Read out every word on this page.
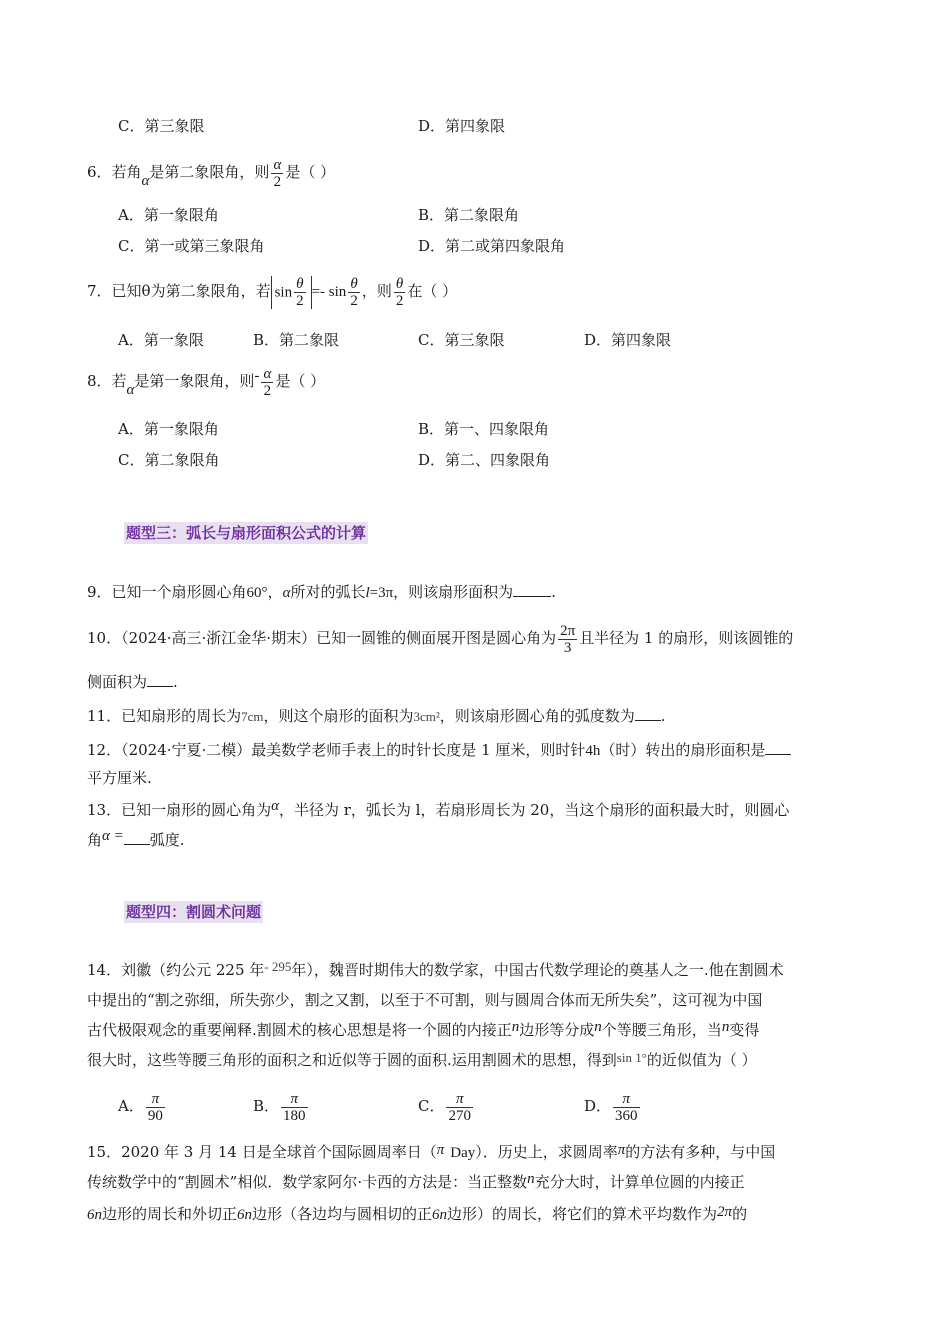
C．第三象限	D．第四象限
6．若角α是第二象限角，则 $\frac{\alpha}{2}$ 是（ ）
A．第一象限角	B．第二象限角
C．第一或第三象限角	D．第二或第四象限角
7．已知θ为第二象限角，若 $\sin \frac{\theta}{2} =- \sin \frac{\theta}{2}$ ，则 $\frac{\theta}{2}$ 在（ ）
A．第一象限	B．第二象限	C．第三象限	D．第四象限
8．若α是第一象限角，则- $\frac{\alpha}{2}$ 是（ ）
A．第一象限角	B．第一、四象限角
C．第二象限角	D．第二、四象限角
题型三：弧长与扇形面积公式的计算
9．已知一个扇形圆心角60°，α所对的弧长l=3π，则该扇形面积为	.
10．（2024·高三·浙江金华·期末）已知一圆锥的侧面展开图是圆心角为 $\frac{2\pi}{3}$ 且半径为 1 的扇形，则该圆锥的
侧面积为 .
11．已知扇形的周长为7cm，则这个扇形的面积为3cm²，则该扇形圆心角的弧度数为 .
12．（2024·宁夏·二模）最美数学老师手表上的时针长度是 1 厘米，则时针4h（时）转出的扇形面积是
平方厘米.
13．已知一扇形的圆心角为α，半径为 r，弧长为 l，若扇形周长为 20，当这个扇形的面积最大时，则圆心
角α = 弧度.
题型四：割圆术问题
14．刘徽（约公元 225 年- 295年），魏晋时期伟大的数学家，中国古代数学理论的奠基人之一.他在割圆术
中提出的“割之弥细，所失弥少，割之又割，以至于不可割，则与圆周合体而无所失矣”，这可视为中国
古代极限观念的重要阐释.割圆术的核心思想是将一个圆的内接正n边形等分成n个等腰三角形，当n变得
很大时，这些等腰三角形的面积之和近似等于圆的面积.运用割圆术的思想，得到sin 1°的近似值为（ ）
A． $\frac{\pi}{90}$	B． $\frac{\pi}{180}$	C． $\frac{\pi}{270}$	D． $\frac{\pi}{360}$
15．2020 年 3 月 14 日是全球首个国际圆周率日（π Day）．历史上，求圆周率π的方法有多种，与中国
传统数学中的“割圆术”相似．数学家阿尔·卡西的方法是：当正整数n充分大时，计算单位圆的内接正
6n边形的周长和外切正6n边形（各边均与圆相切的正6n边形）的周长，将它们的算术平均数作为2π的
